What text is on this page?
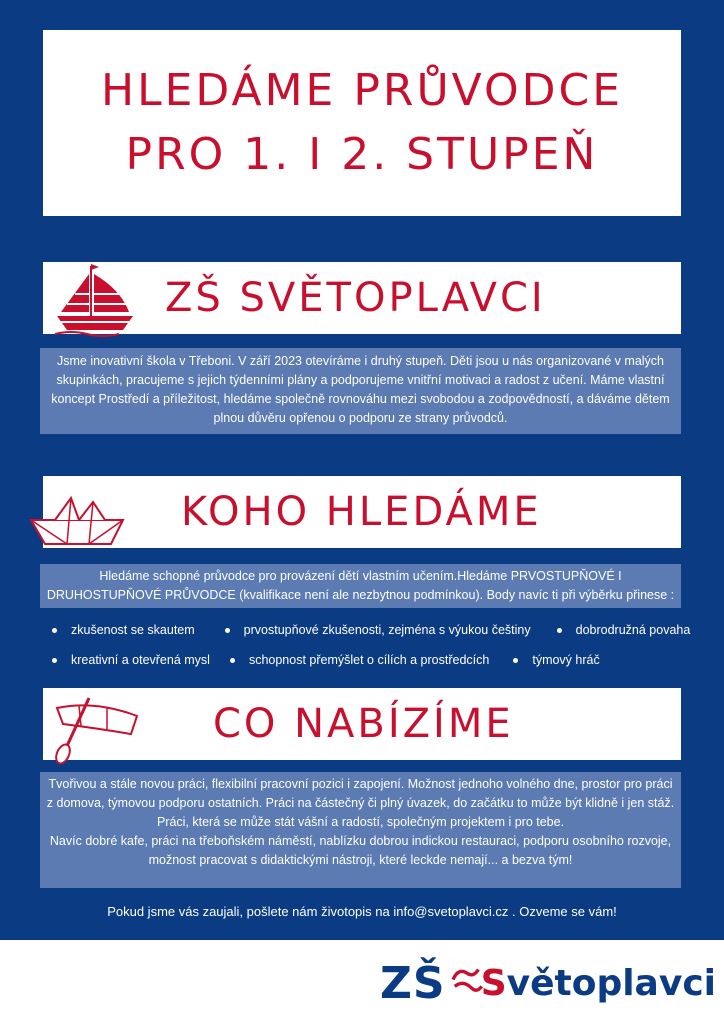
HLEDÁME PRŮVODCE
PRO 1. I 2. STUPEŇ
ZŠ SVĚTOPLAVCI

Jsme inovativní škola v Třeboni. V září 2023 otevíráme i druhý stupeň. Děti jsou u nás organizované v malých skupinkách, pracujeme s jejich týdenními plány a podporujeme vnitřní motivaci a radost z učení. Máme vlastní koncept Prostředí a příležitost, hledáme společně rovnováhu mezi svobodou a zodpovědností, a dáváme dětem plnou důvěru opřenou o podporu ze strany průvodců.

KOHO HLEDÁME

Hledáme schopné průvodce pro provázení dětí vlastním učením.Hledáme PRVOSTUPŇOVÉ I DRUHOSTUPŇOVÉ PRŮVODCE (kvalifikace není ale nezbytnou podmínkou). Body navíc ti při výběrku přinese :

zkušenost se skautem	prvostupňové zkušenosti, zejména s výukou češtiny	dobrodružná povaha
kreativní a otevřená mysl	schopnost přemýšlet o cílích a prostředcích	týmový hráč
CO NABÍZÍME

Tvořivou a stále novou práci, flexibilní pracovní pozici i zapojení. Možnost jednoho volného dne, prostor pro práci z domova, týmovou podporu ostatních. Práci na částečný či plný úvazek, do začátku to může být klidně i jen stáž. Práci, která se může stát vášní a radostí, společným projektem i pro tebe.

Navíc dobré kafe, práci na třeboňském náměstí, nablízku dobrou indickou restauraci, podporu osobního rozvoje, možnost pracovat s didaktickými nástroji, které leckde nemají... a bezva tým!

Pokud jsme vás zaujali, pošlete nám životopis na info@svetoplavci.cz . Ozveme se vám!
ZŠ S větoplavci
